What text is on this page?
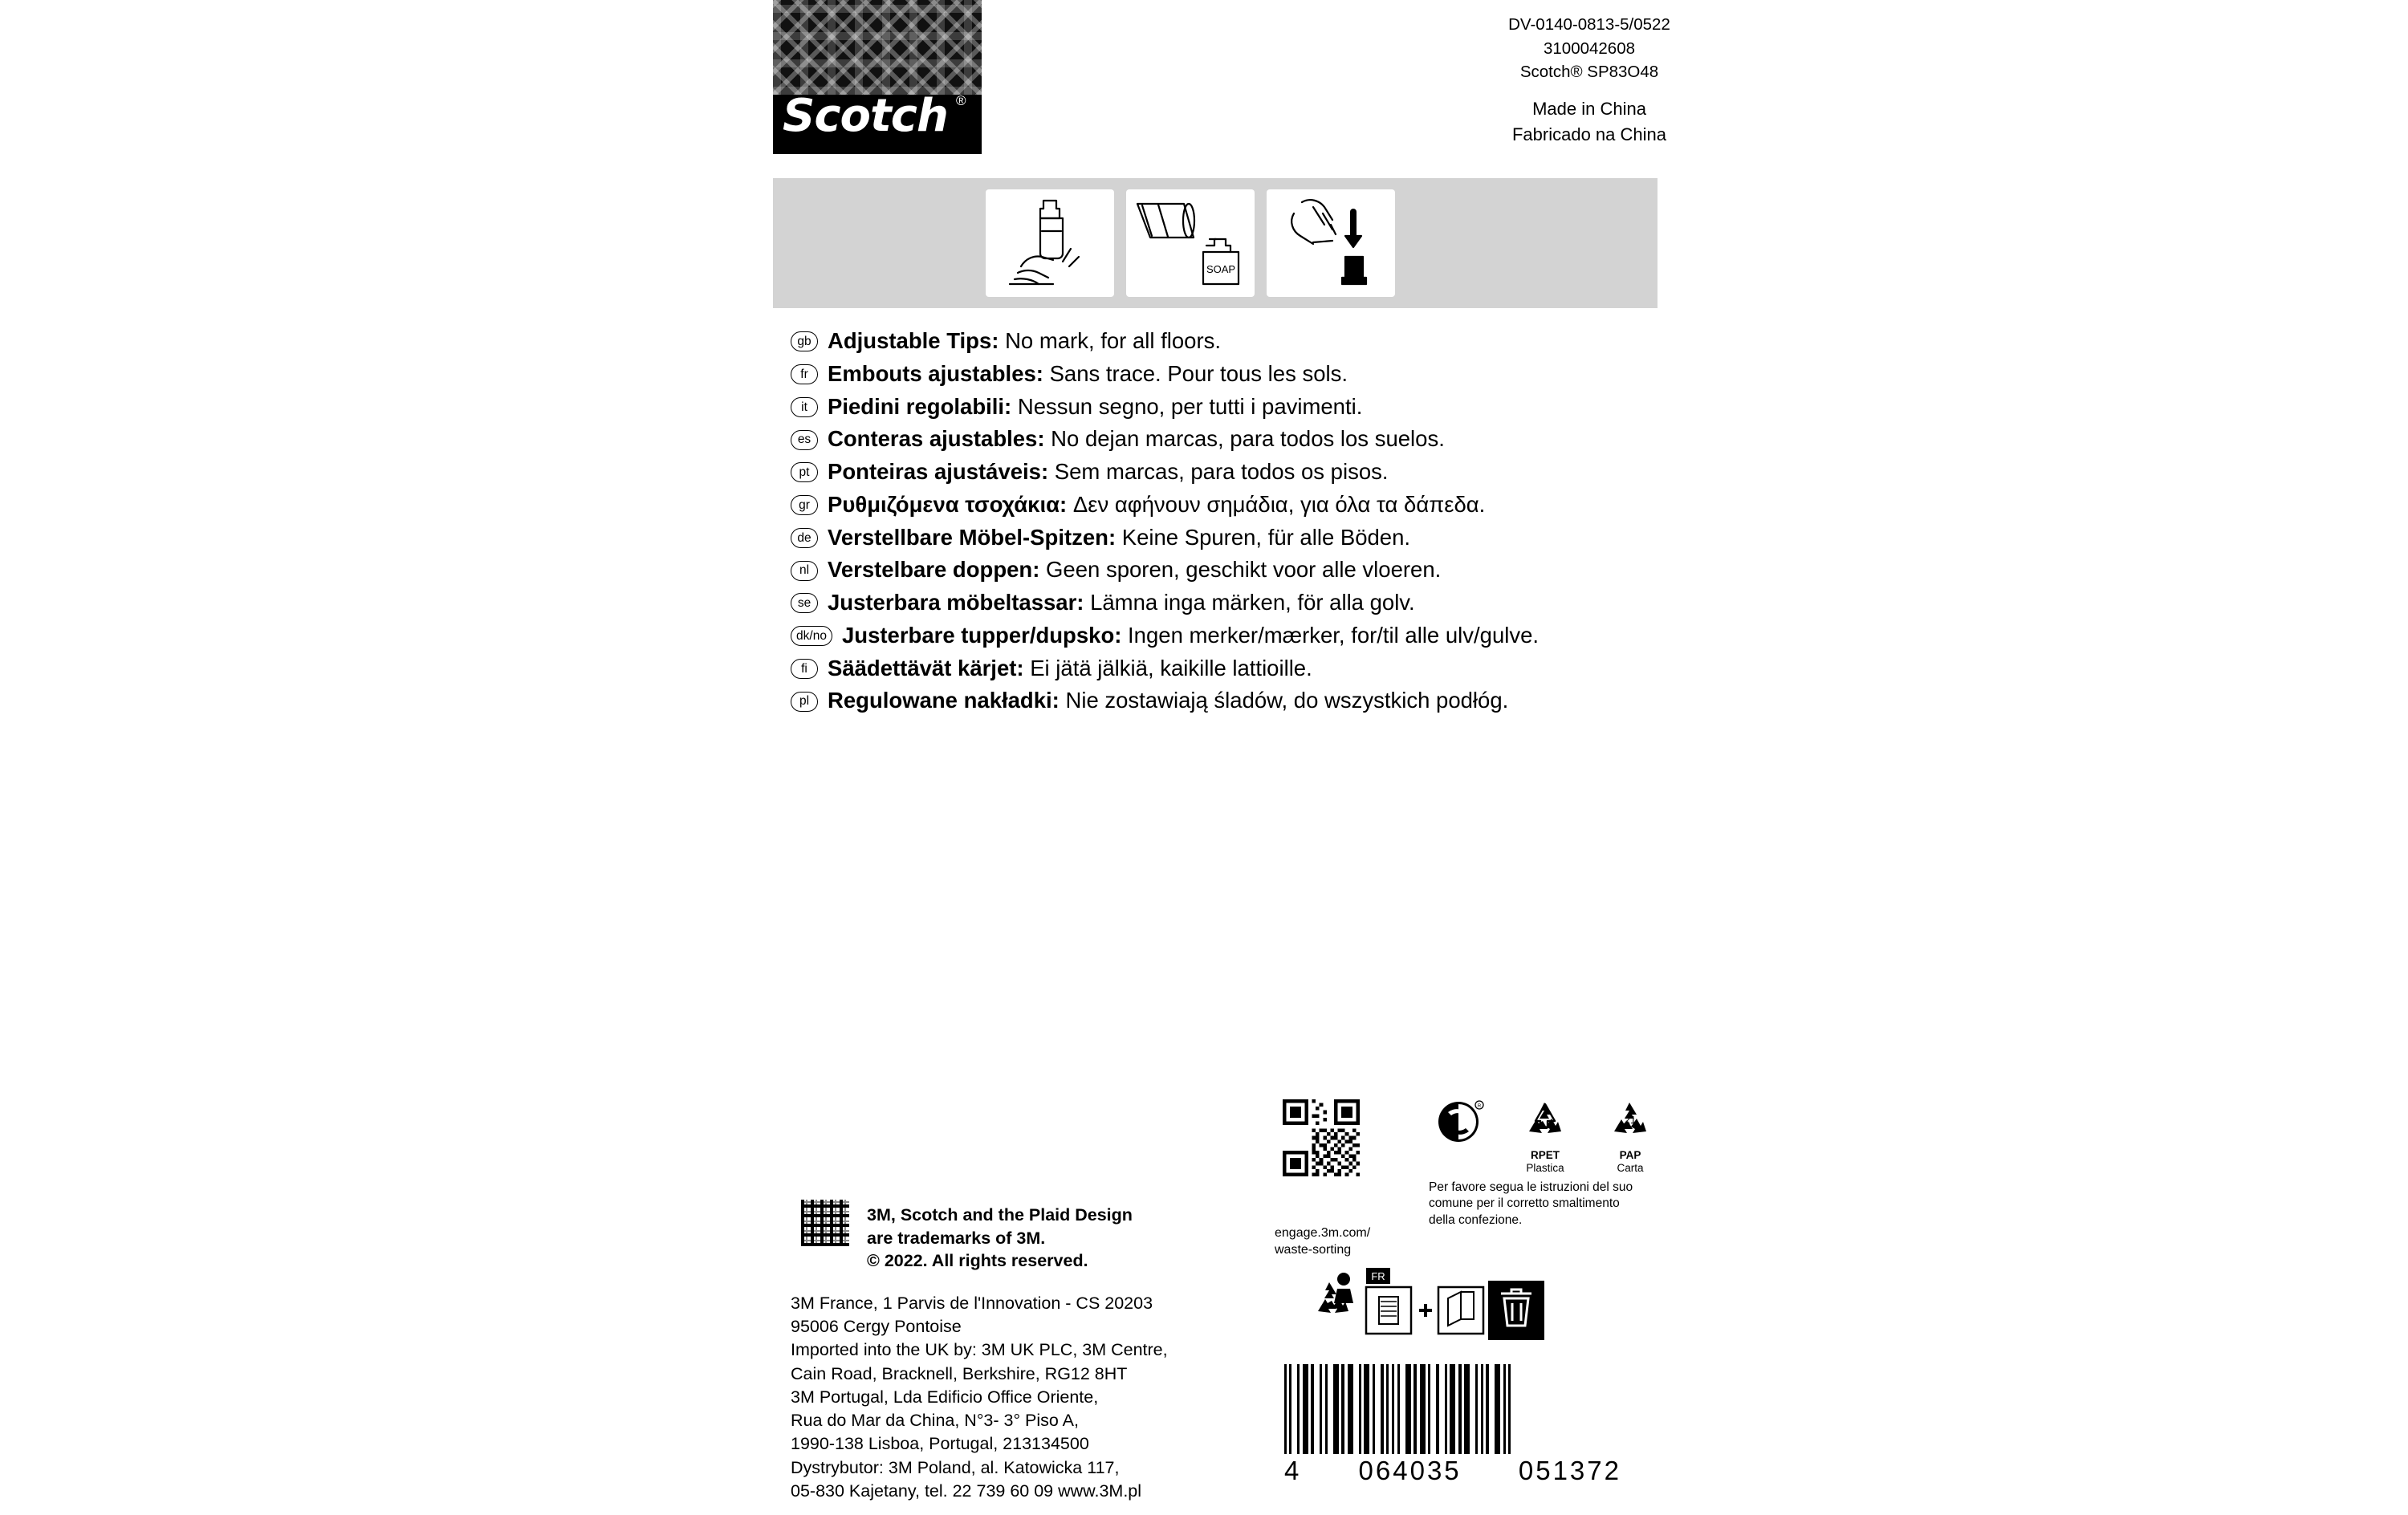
Scotch ®
DV-0140-0813-5/0522
3100042608
Scotch® SP83O48
Made in China
Fabricado na China
SOAP
gb Adjustable Tips:
No mark, for all floors.
fr Embouts ajustables:
Sans trace. Pour tous les sols.
it Piedini regolabili:
Nessun segno, per tutti i pavimenti.
es Conteras ajustables:
No dejan marcas, para todos los suelos.
pt Ponteiras ajustáveis:
Sem marcas, para todos os pisos.
gr Ρυθμιζόμενα τσοχάκια:
Δεν αφήνουν σημάδια, για όλα τα δάπεδα.
de Verstellbare Möbel-Spitzen:
Keine Spuren, für alle Böden.
nl Verstelbare doppen:
Geen sporen, geschikt voor alle vloeren.
se Justerbara möbeltassar:
Lämna inga märken, för alla golv.
dk/no Justerbare tupper/dupsko:
Ingen merker/mærker, for/til alle ulv/gulve.
fi Säädettävät kärjet:
Ei jätä jälkiä, kaikille lattioille.
pl Regulowane nakładki:
Nie zostawiają śladów, do wszystkich podłóg.
3M, Scotch and the Plaid Design
are trademarks of 3M.
© 2022. All rights reserved.
3M France, 1 Parvis de l'Innovation - CS 20203
95006 Cergy Pontoise
Imported into the UK by: 3M UK PLC, 3M Centre,
Cain Road, Bracknell, Berkshire, RG12 8HT
3M Portugal, Lda Edificio Office Oriente,
Rua do Mar da China, N°3- 3° Piso A,
1990-138 Lisboa, Portugal, 213134500
Dystrybutor: 3M Poland, al. Katowicka 117,
05-830 Kajetany, tel. 22 739 60 09 www.3M.pl
engage.3m.com/
waste-sorting
R
RPET
Plastica
21
PAP
Carta
Per favore segua le istruzioni del suo comune per il corretto smaltimento della confezione.
FR
4 064035 051372
